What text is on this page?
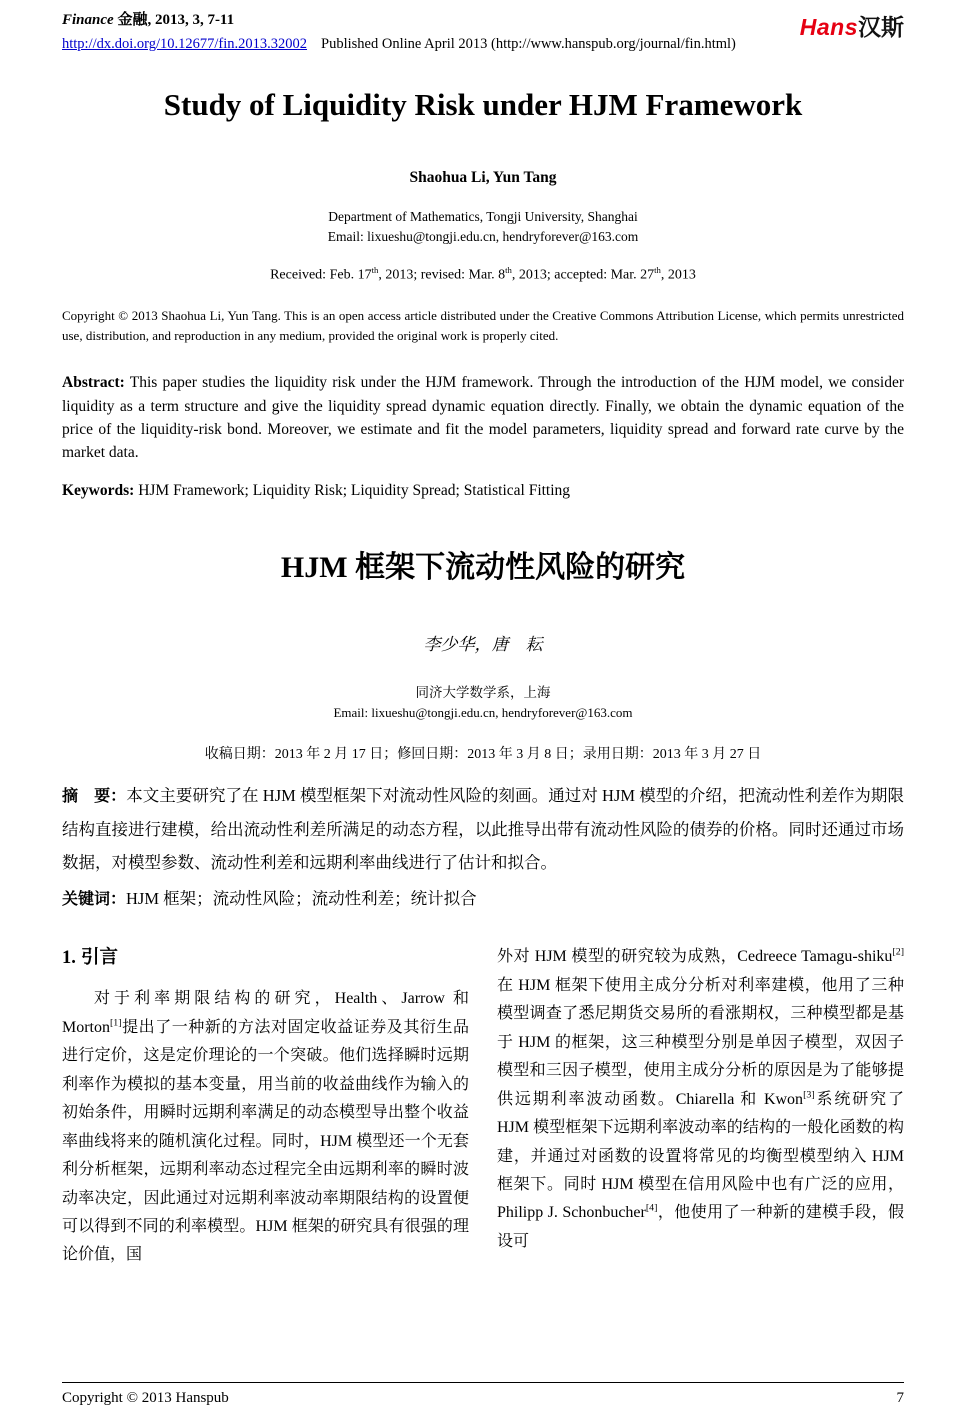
Finance 金融, 2013, 3, 7-11
http://dx.doi.org/10.12677/fin.2013.32002 Published Online April 2013 (http://www.hanspub.org/journal/fin.html)
Hans汉斯
Study of Liquidity Risk under HJM Framework
Shaohua Li, Yun Tang
Department of Mathematics, Tongji University, Shanghai
Email: lixueshu@tongji.edu.cn, hendryforever@163.com
Received: Feb. 17th, 2013; revised: Mar. 8th, 2013; accepted: Mar. 27th, 2013
Copyright © 2013 Shaohua Li, Yun Tang. This is an open access article distributed under the Creative Commons Attribution License, which permits unrestricted use, distribution, and reproduction in any medium, provided the original work is properly cited.
Abstract: This paper studies the liquidity risk under the HJM framework. Through the introduction of the HJM model, we consider liquidity as a term structure and give the liquidity spread dynamic equation directly. Finally, we obtain the dynamic equation of the price of the liquidity-risk bond. Moreover, we estimate and fit the model parameters, liquidity spread and forward rate curve by the market data.
Keywords: HJM Framework; Liquidity Risk; Liquidity Spread; Statistical Fitting
HJM 框架下流动性风险的研究
李少华，唐　耘
同济大学数学系，上海
Email: lixueshu@tongji.edu.cn, hendryforever@163.com
收稿日期：2013 年 2 月 17 日；修回日期：2013 年 3 月 8 日；录用日期：2013 年 3 月 27 日
摘　要：本文主要研究了在 HJM 模型框架下对流动性风险的刻画。通过对 HJM 模型的介绍，把流动性利差作为期限结构直接进行建模，给出流动性利差所满足的动态方程，以此推导出带有流动性风险的债券的价格。同时还通过市场数据，对模型参数、流动性利差和远期利率曲线进行了估计和拟合。
关键词：HJM 框架；流动性风险；流动性利差；统计拟合
1. 引言

对于利率期限结构的研究，Health、Jarrow 和 Morton[1]提出了一种新的方法对固定收益证券及其衍生品进行定价，这是定价理论的一个突破。他们选择瞬时远期利率作为模拟的基本变量，用当前的收益曲线作为输入的初始条件，用瞬时远期利率满足的动态模型导出整个收益率曲线将来的随机演化过程。同时，HJM 模型还一个无套利分析框架，远期利率动态过程完全由远期利率的瞬时波动率决定，因此通过对远期利率波动率期限结构的设置便可以得到不同的利率模型。HJM 框架的研究具有很强的理论价值，国

外对 HJM 模型的研究较为成熟，Cedreece Tamagu-shiku[2]在 HJM 框架下使用主成分分析对利率建模，他用了三种模型调查了悉尼期货交易所的看涨期权，三种模型都是基于 HJM 的框架，这三种模型分别是单因子模型，双因子模型和三因子模型，使用主成分分析的原因是为了能够提供远期利率波动函数。Chiarella 和 Kwon[3]系统研究了 HJM 模型框架下远期利率波动率的结构的一般化函数的构建，并通过对函数的设置将常见的均衡型模型纳入 HJM 框架下。同时 HJM 模型在信用风险中也有广泛的应用，Philipp J. Schonbucher[4]，他使用了一种新的建模手段，假设可

Copyright © 2013 Hanspub	7
